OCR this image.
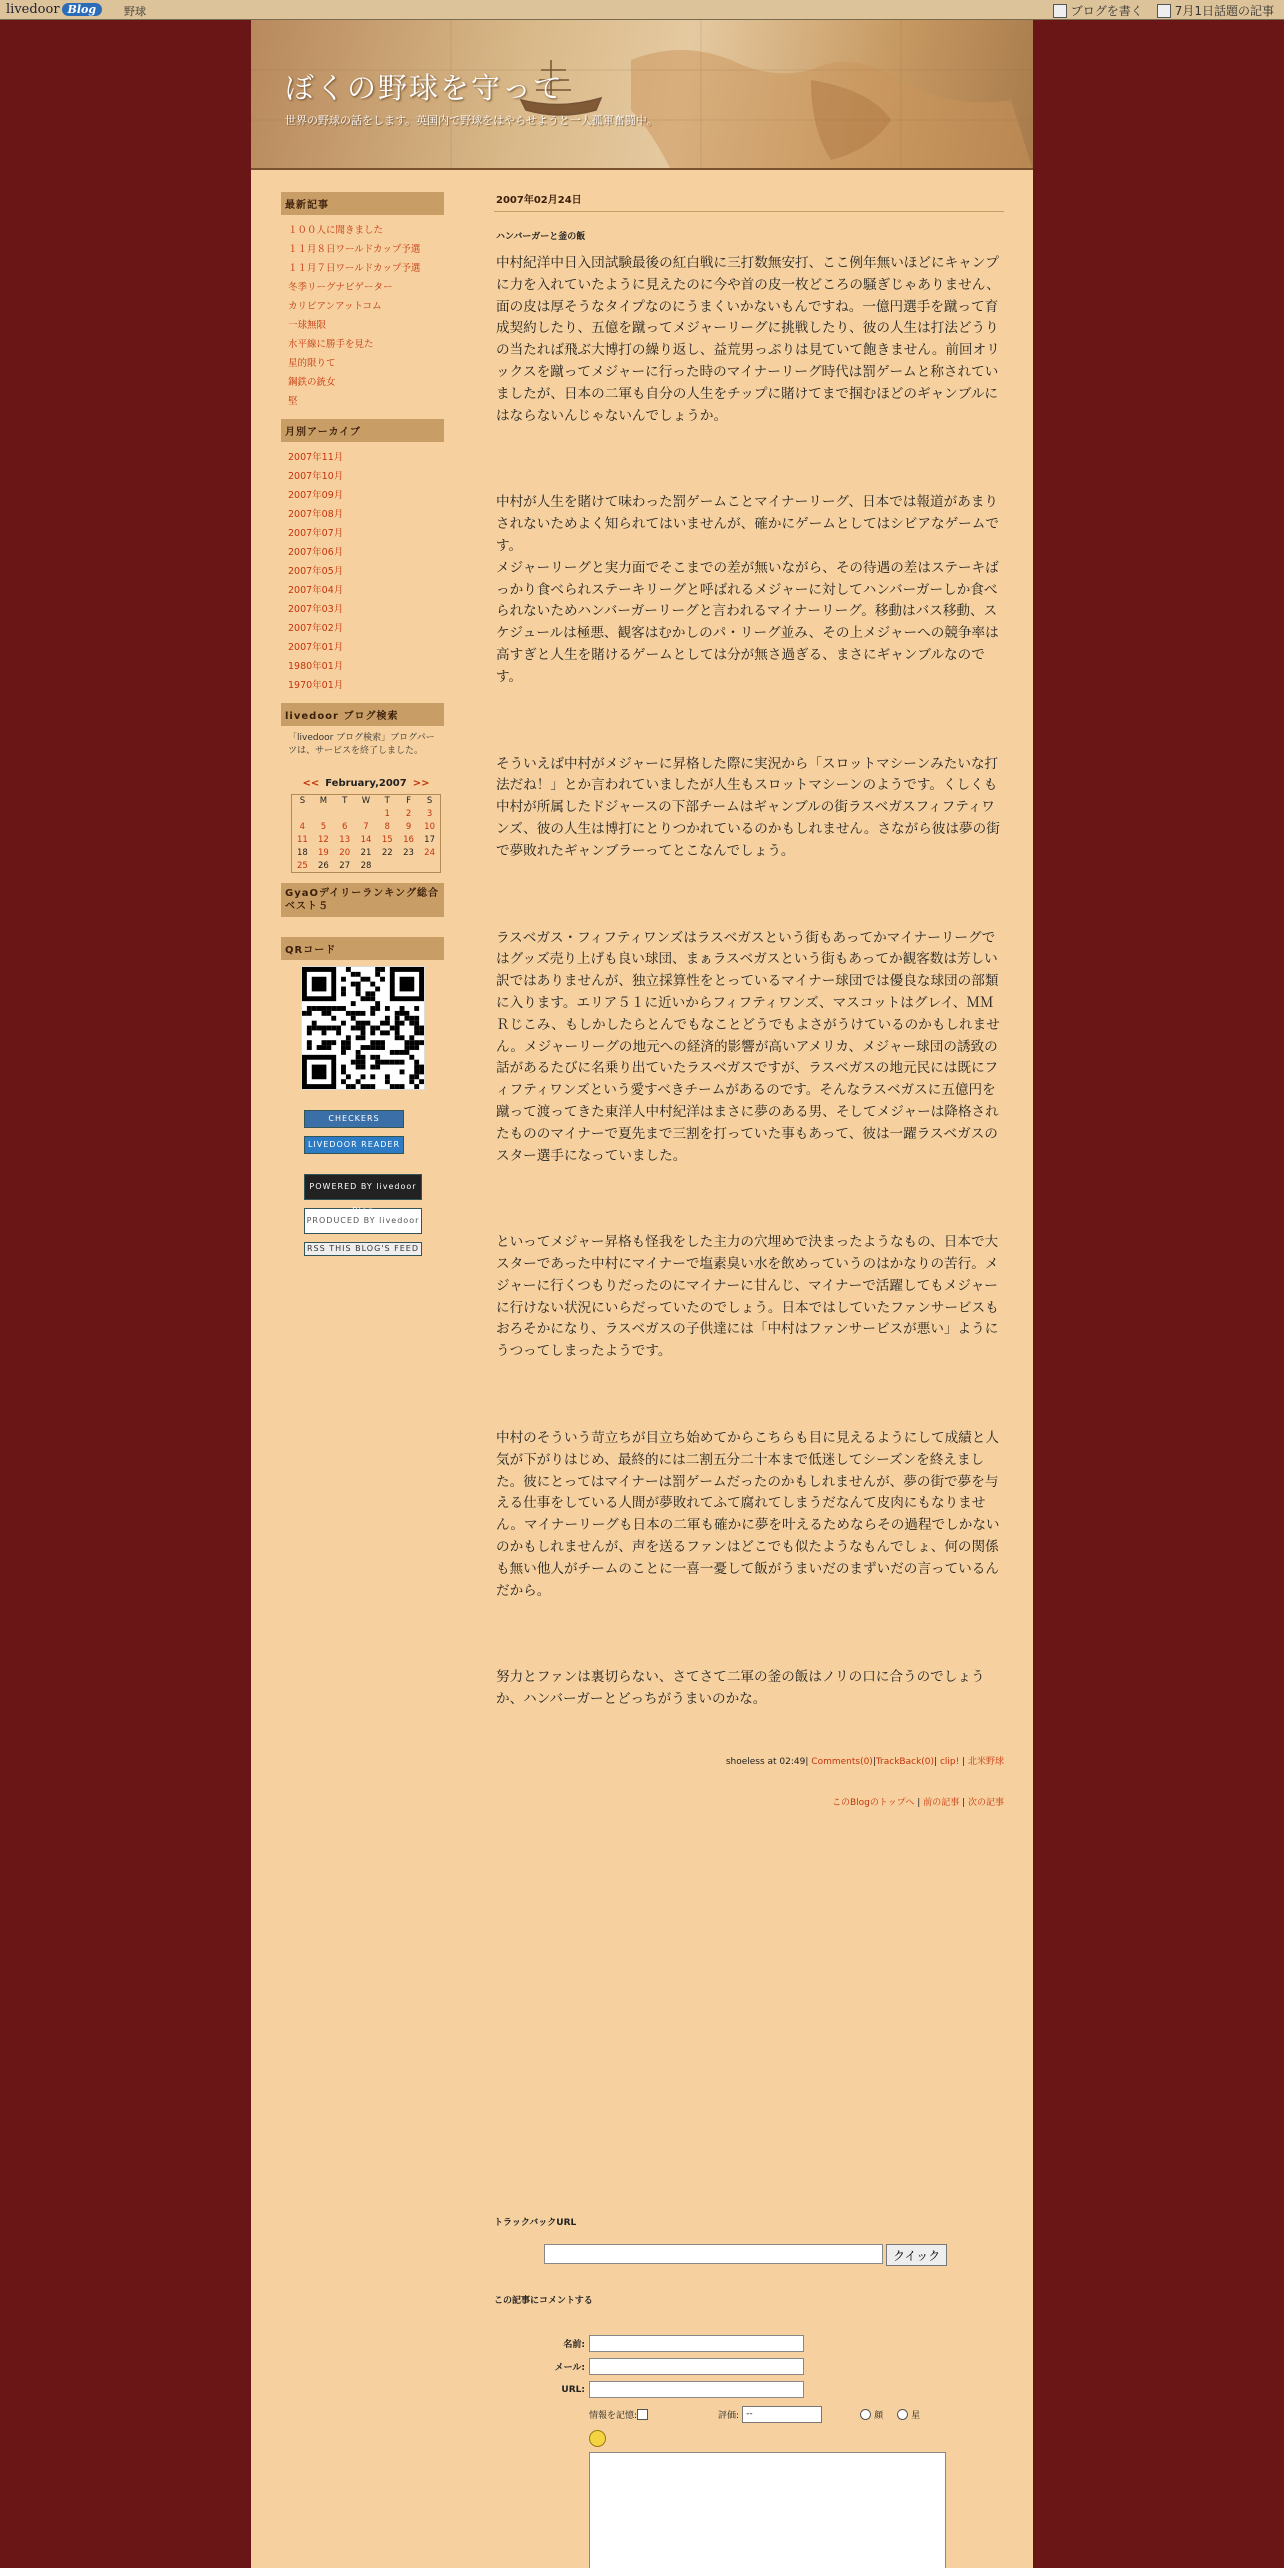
livedoor Blog	野球	ブログを書く	7月1日話題の記事
ぼくの野球を守って
世界の野球の話をします。英国内で野球をはやらせようと一人孤軍奮闘中。
最新記事
１００人に聞きました
１１月８日ワールドカップ予選
１１月７日ワールドカップ予選
冬季リーグナビゲーター
カリビアンアットコム
一球無限
水平線に勝手を見た
星的限りて
鋼鉄の銃女
堅
月別アーカイブ
2007年11月
2007年10月
2007年09月
2007年08月
2007年07月
2007年06月
2007年05月
2007年04月
2007年03月
2007年02月
2007年01月
1980年01月
1970年01月
livedoor ブログ検索
「livedoor ブログ検索」ブログパーツは、サービスを終了しました。
<< February,2007 >>
S	M	T	W	T	F	S
				1	2	3
4	5	6	7	8	9	10
11	12	13	14	15	16	17
18	19	20	21	22	23	24
25	26	27	28			
GyaOデイリーランキング総合ベスト５
QRコード
CHECKERS
LIVEDOOR READER
POWERED BY livedoor
PRODUCED BY livedoor
RSS THIS BLOG'S FEED
2007年02月24日
ハンバーガーと釜の飯

中村紀洋中日入団試験最後の紅白戦に三打数無安打、ここ例年無いほどにキャンプに力を入れていたように見えたのに今や首の皮一枚どころの騒ぎじゃありません、面の皮は厚そうなタイプなのにうまくいかないもんですね。一億円選手を蹴って育成契約したり、五億を蹴ってメジャーリーグに挑戦したり、彼の人生は打法どうりの当たれば飛ぶ大博打の繰り返し、益荒男っぷりは見ていて飽きません。前回オリックスを蹴ってメジャーに行った時のマイナーリーグ時代は罰ゲームと称されていましたが、日本の二軍も自分の人生をチップに賭けてまで掴むほどのギャンブルにはならないんじゃないんでしょうか。

中村が人生を賭けて味わった罰ゲームことマイナーリーグ、日本では報道があまりされないためよく知られてはいませんが、確かにゲームとしてはシビアなゲームです。
メジャーリーグと実力面でそこまでの差が無いながら、その待遇の差はステーキばっかり食べられステーキリーグと呼ばれるメジャーに対してハンバーガーしか食べられないためハンバーガーリーグと言われるマイナーリーグ。移動はバス移動、スケジュールは極悪、観客はむかしのパ・リーグ並み、その上メジャーへの競争率は高すぎと人生を賭けるゲームとしては分が無さ過ぎる、まさにギャンブルなのです。

そういえば中村がメジャーに昇格した際に実況から「スロットマシーンみたいな打法だね！」とか言われていましたが人生もスロットマシーンのようです。くしくも中村が所属したドジャースの下部チームはギャンブルの街ラスベガスフィフティワンズ、彼の人生は博打にとりつかれているのかもしれません。さながら彼は夢の街で夢敗れたギャンブラーってとこなんでしょう。

ラスベガス・フィフティワンズはラスベガスという街もあってかマイナーリーグではグッズ売り上げも良い球団、まぁラスベガスという街もあってか観客数は芳しい訳ではありませんが、独立採算性をとっているマイナー球団では優良な球団の部類に入ります。エリア５１に近いからフィフティワンズ、マスコットはグレイ、ＭＭＲじこみ、もしかしたらとんでもなことどうでもよさがうけているのかもしれません。メジャーリーグの地元への経済的影響が高いアメリカ、メジャー球団の誘致の話があるたびに名乗り出ていたラスベガスですが、ラスベガスの地元民には既にフィフティワンズという愛すべきチームがあるのです。そんなラスベガスに五億円を蹴って渡ってきた東洋人中村紀洋はまさに夢のある男、そしてメジャーは降格されたもののマイナーで夏先まで三割を打っていた事もあって、彼は一躍ラスベガスのスター選手になっていました。

といってメジャー昇格も怪我をした主力の穴埋めで決まったようなもの、日本で大スターであった中村にマイナーで塩素臭い水を飲めっていうのはかなりの苦行。メジャーに行くつもりだったのにマイナーに甘んじ、マイナーで活躍してもメジャーに行けない状況にいらだっていたのでしょう。日本ではしていたファンサービスもおろそかになり、ラスベガスの子供達には「中村はファンサービスが悪い」ようにうつってしまったようです。

中村のそういう苛立ちが目立ち始めてからこちらも目に見えるようにして成績と人気が下がりはじめ、最終的には二割五分二十本まで低迷してシーズンを終えました。彼にとってはマイナーは罰ゲームだったのかもしれませんが、夢の街で夢を与える仕事をしている人間が夢敗れてふて腐れてしまうだなんて皮肉にもなりません。マイナーリーグも日本の二軍も確かに夢を叶えるためならその過程でしかないのかもしれませんが、声を送るファンはどこでも似たようなもんでしょ、何の関係も無い他人がチームのことに一喜一憂して飯がうまいだのまずいだの言っているんだから。

努力とファンは裏切らない、さてさて二軍の釜の飯はノリの口に合うのでしょうか、ハンバーガーとどっちがうまいのかな。

shoeless at 02:49| Comments(0)|TrackBack(0)| clip! | 北米野球
このBlogのトップへ | 前の記事 | 次の記事
トラックバックURL
クイック
この記事にコメントする
名前:
メール:
URL:
情報を記憶:	評価: --	顔	星
